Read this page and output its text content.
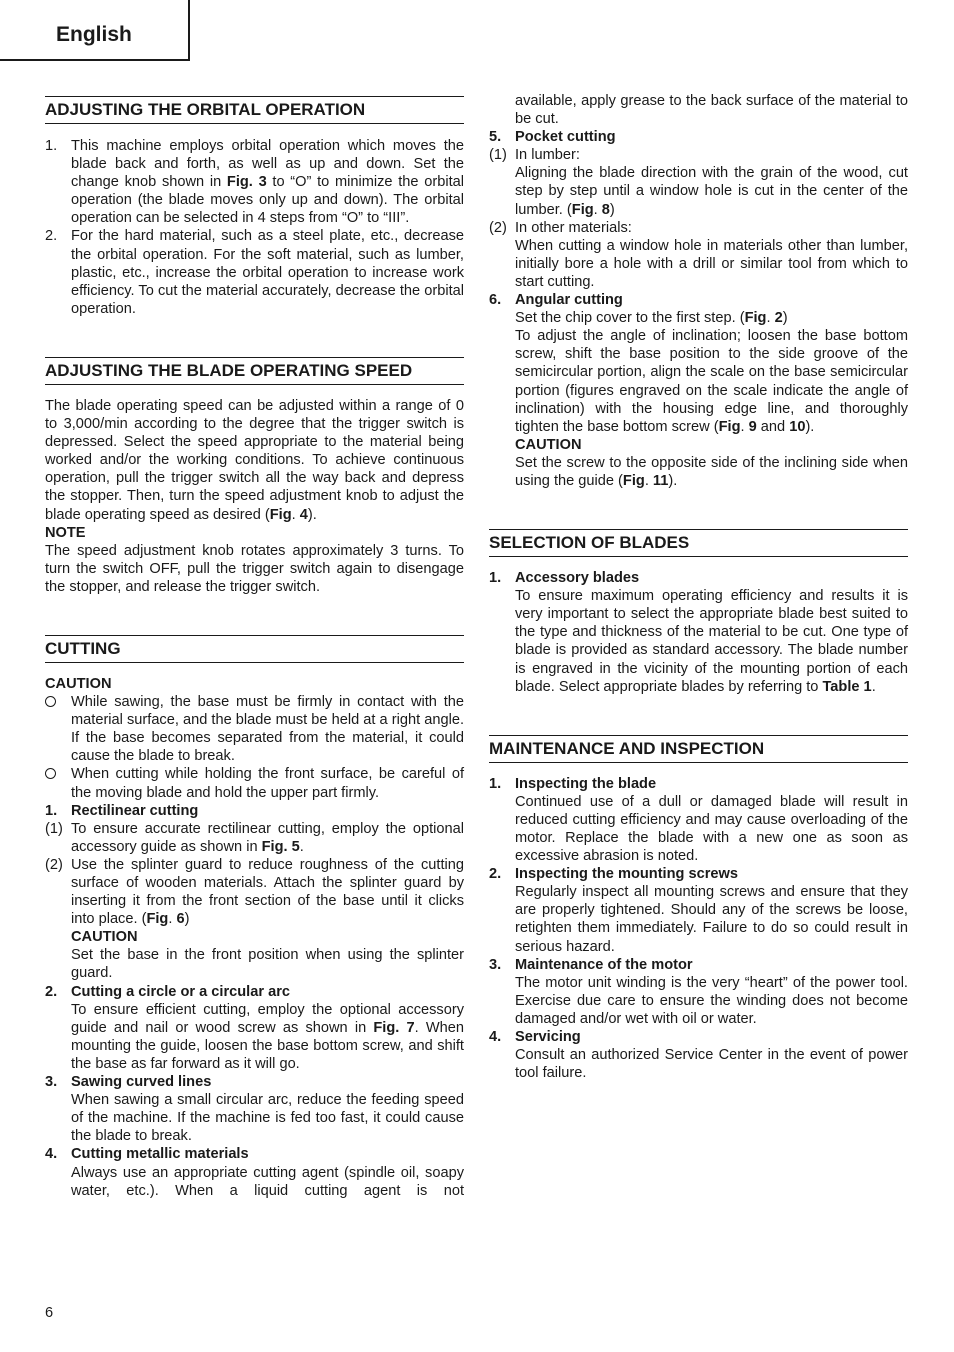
English
ADJUSTING THE ORBITAL OPERATION
1. This machine employs orbital operation which moves the blade back and forth, as well as up and down. Set the change knob shown in Fig. 3 to “O” to minimize the orbital operation (the blade moves only up and down). The orbital operation can be selected in 4 steps from “O” to “III”.
2. For the hard material, such as a steel plate, etc., decrease the orbital operation. For the soft material, such as lumber, plastic, etc., increase the orbital operation to increase work efficiency. To cut the material accurately, decrease the orbital operation.
ADJUSTING THE BLADE OPERATING SPEED
The blade operating speed can be adjusted within a range of 0 to 3,000/min according to the degree that the trigger switch is depressed. Select the speed appropriate to the material being worked and/or the working conditions. To achieve continuous operation, pull the trigger switch all the way back and depress the stopper. Then, turn the speed adjustment knob to adjust the blade operating speed as desired (Fig. 4).
NOTE
The speed adjustment knob rotates approximately 3 turns. To turn the switch OFF, pull the trigger switch again to disengage the stopper, and release the trigger switch.
CUTTING
CAUTION
While sawing, the base must be firmly in contact with the material surface, and the blade must be held at a right angle. If the base becomes separated from the material, it could cause the blade to break.
When cutting while holding the front surface, be careful of the moving blade and hold the upper part firmly.
1. Rectilinear cutting
(1) To ensure accurate rectilinear cutting, employ the optional accessory guide as shown in Fig. 5.
(2) Use the splinter guard to reduce roughness of the cutting surface of wooden materials. Attach the splinter guard by inserting it from the front section of the base until it clicks into place. (Fig. 6)
CAUTION
Set the base in the front position when using the splinter guard.
2. Cutting a circle or a circular arc
To ensure efficient cutting, employ the optional accessory guide and nail or wood screw as shown in Fig. 7. When mounting the guide, loosen the base bottom screw, and shift the base as far forward as it will go.
3. Sawing curved lines
When sawing a small circular arc, reduce the feeding speed of the machine. If the machine is fed too fast, it could cause the blade to break.
4. Cutting metallic materials
Always use an appropriate cutting agent (spindle oil, soapy water, etc.). When a liquid cutting agent is not
available, apply grease to the back surface of the material to be cut.
5. Pocket cutting
(1) In lumber:
Aligning the blade direction with the grain of the wood, cut step by step until a window hole is cut in the center of the lumber. (Fig. 8)
(2) In other materials:
When cutting a window hole in materials other than lumber, initially bore a hole with a drill or similar tool from which to start cutting.
6. Angular cutting
Set the chip cover to the first step. (Fig. 2)
To adjust the angle of inclination; loosen the base bottom screw, shift the base position to the side groove of the semicircular portion, align the scale on the base semicircular portion (figures engraved on the scale indicate the angle of inclination) with the housing edge line, and thoroughly tighten the base bottom screw (Fig. 9 and 10).
CAUTION
Set the screw to the opposite side of the inclining side when using the guide (Fig. 11).
SELECTION OF BLADES
1. Accessory blades
To ensure maximum operating efficiency and results it is very important to select the appropriate blade best suited to the type and thickness of the material to be cut. One type of blade is provided as standard accessory. The blade number is engraved in the vicinity of the mounting portion of each blade. Select appropriate blades by referring to Table 1.
MAINTENANCE AND INSPECTION
1. Inspecting the blade
Continued use of a dull or damaged blade will result in reduced cutting efficiency and may cause overloading of the motor. Replace the blade with a new one as soon as excessive abrasion is noted.
2. Inspecting the mounting screws
Regularly inspect all mounting screws and ensure that they are properly tightened. Should any of the screws be loose, retighten them immediately. Failure to do so could result in serious hazard.
3. Maintenance of the motor
The motor unit winding is the very “heart” of the power tool. Exercise due care to ensure the winding does not become damaged and/or wet with oil or water.
4. Servicing
Consult an authorized Service Center in the event of power tool failure.
6
